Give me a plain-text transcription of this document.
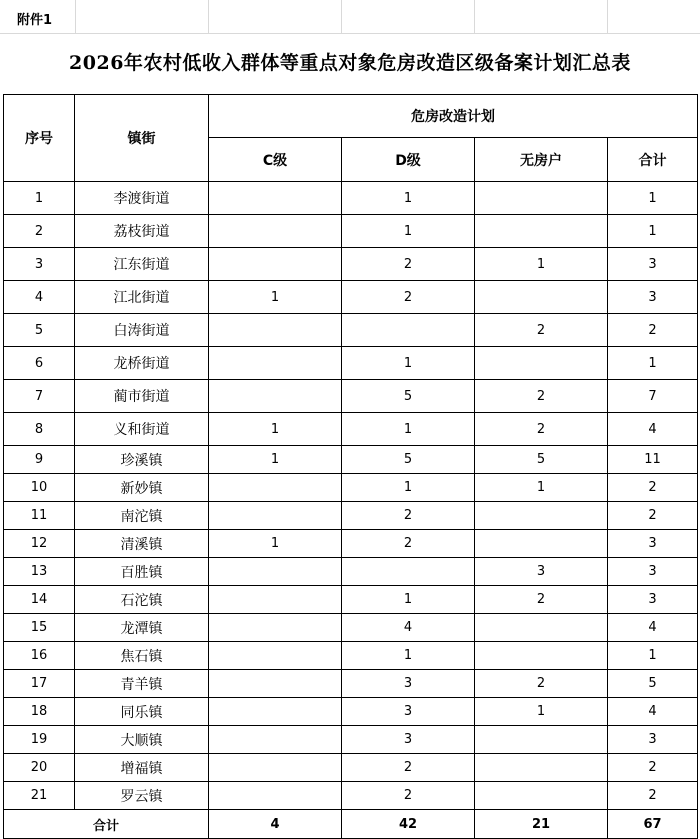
附件1
2026年农村低收入群体等重点对象危房改造区级备案计划汇总表
序号	镇街	危房改造计划			
		C级	D级	无房户	合计
1	李渡街道		1		1
2	荔枝街道		1		1
3	江东街道		2	1	3
4	江北街道	1	2		3
5	白涛街道			2	2
6	龙桥街道		1		1
7	蔺市街道		5	2	7
8	义和街道	1	1	2	4
9	珍溪镇	1	5	5	11
10	新妙镇		1	1	2
11	南沱镇		2		2
12	清溪镇	1	2		3
13	百胜镇			3	3
14	石沱镇		1	2	3
15	龙潭镇		4		4
16	焦石镇		1		1
17	青羊镇		3	2	5
18	同乐镇		3	1	4
19	大顺镇		3		3
20	增福镇		2		2
21	罗云镇		2		2
合计		4	42	21	67
